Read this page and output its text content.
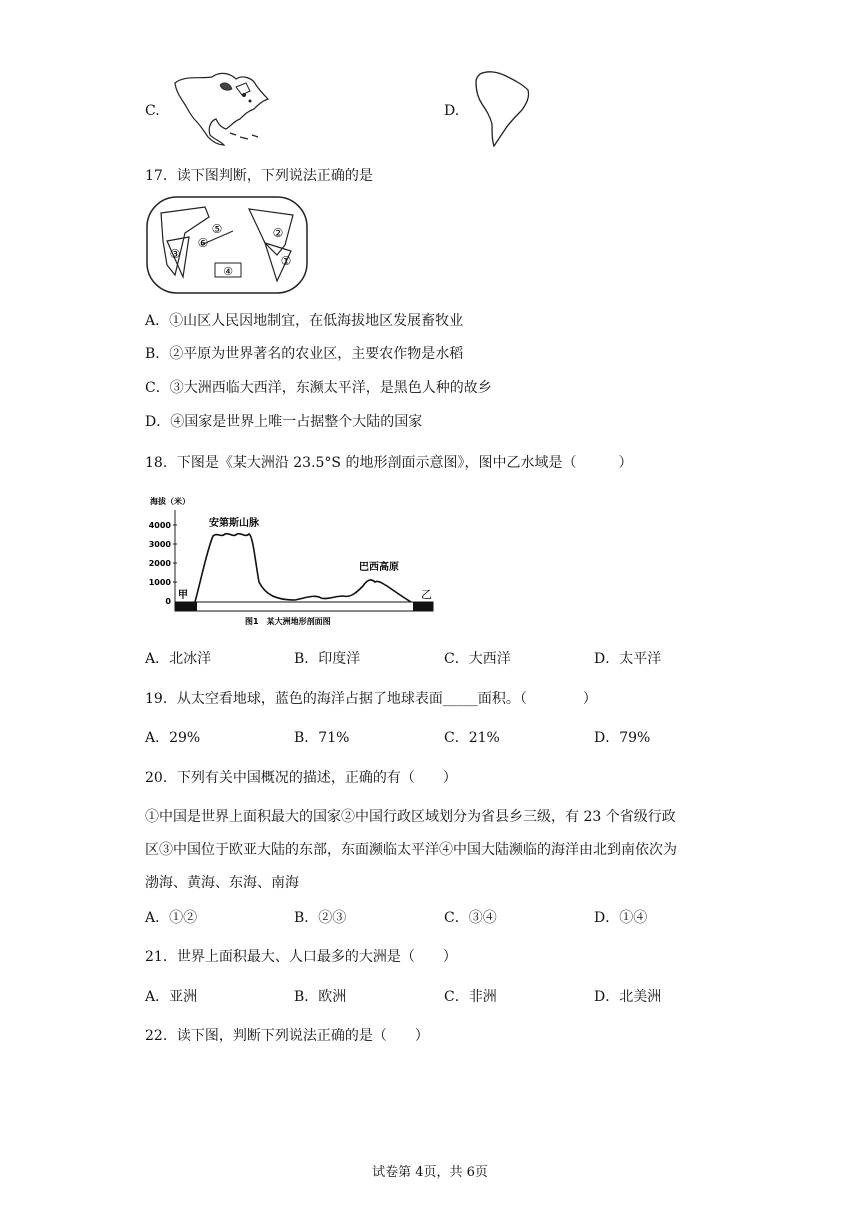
C.	D.
17．读下图判断，下列说法正确的是
⑤
⑥
③
④
②
①
A．①山区人民因地制宜，在低海拔地区发展畜牧业
B．②平原为世界著名的农业区，主要农作物是水稻
C．③大洲西临大西洋，东濒太平洋，是黑色人种的故乡
D．④国家是世界上唯一占据整个大陆的国家
18．下图是《某大洲沿 23.5°S 的地形剖面示意图》，图中乙水域是（　　　）
海拔（米）
4000
3000
2000
1000
0
安第斯山脉
巴西高原
甲	乙
图1　某大洲地形剖面图
A．北冰洋	B．印度洋	C．大西洋	D．太平洋
19．从太空看地球，蓝色的海洋占据了地球表面_____面积。（　　　　）
A．29%	B．71%	C．21%	D．79%
20．下列有关中国概况的描述，正确的有（　　）
①中国是世界上面积最大的国家②中国行政区域划分为省县乡三级，有 23 个省级行政
区③中国位于欧亚大陆的东部，东面濒临太平洋④中国大陆濒临的海洋由北到南依次为
渤海、黄海、东海、南海
A．①②	B．②③	C．③④	D．①④
21．世界上面积最大、人口最多的大洲是（　　）
A．亚洲	B．欧洲	C．非洲	D．北美洲
22．读下图，判断下列说法正确的是（　　）
试卷第 4页，共 6页
